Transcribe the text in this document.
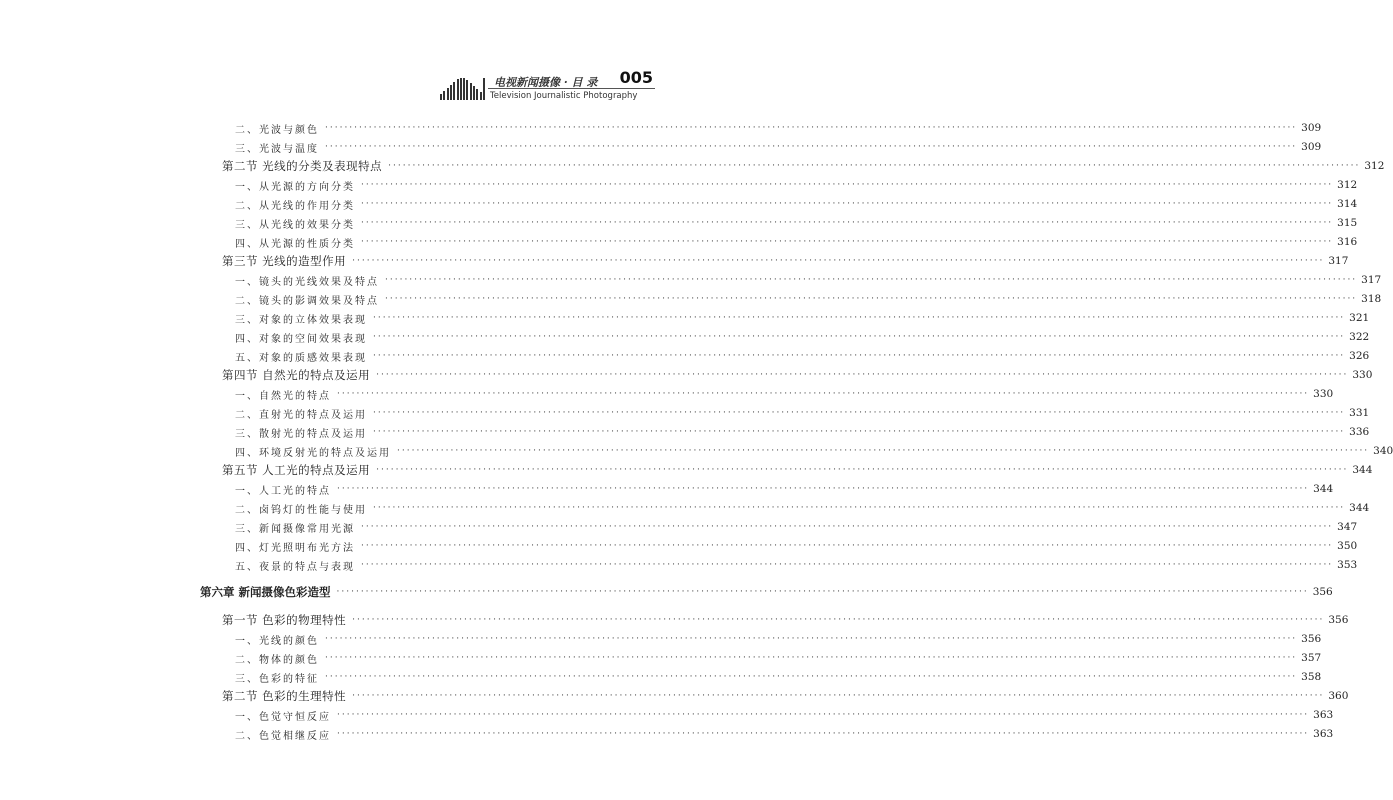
电视新闻摄像 · 目 录
Television Journalistic Photography
005
二、光波与颜色 ········································································································································································································ 309
三、光波与温度 ········································································································································································································ 309
第二节 光线的分类及表现特点 ········································································································································································································ 312
一、从光源的方向分类 ········································································································································································································ 312
二、从光线的作用分类 ········································································································································································································ 314
三、从光线的效果分类 ········································································································································································································ 315
四、从光源的性质分类 ········································································································································································································ 316
第三节 光线的造型作用 ········································································································································································································ 317
一、镜头的光线效果及特点 ········································································································································································································ 317
二、镜头的影调效果及特点 ········································································································································································································ 318
三、对象的立体效果表现 ········································································································································································································ 321
四、对象的空间效果表现 ········································································································································································································ 322
五、对象的质感效果表现 ········································································································································································································ 326
第四节 自然光的特点及运用 ········································································································································································································ 330
一、自然光的特点 ········································································································································································································ 330
二、直射光的特点及运用 ········································································································································································································ 331
三、散射光的特点及运用 ········································································································································································································ 336
四、环境反射光的特点及运用 ········································································································································································································ 340
第五节 人工光的特点及运用 ········································································································································································································ 344
一、人工光的特点 ········································································································································································································ 344
二、卤钨灯的性能与使用 ········································································································································································································ 344
三、新闻摄像常用光源 ········································································································································································································ 347
四、灯光照明布光方法 ········································································································································································································ 350
五、夜景的特点与表现 ········································································································································································································ 353
第六章 新闻摄像色彩造型 ········································································································································································································ 356
第一节 色彩的物理特性 ········································································································································································································ 356
一、光线的颜色 ········································································································································································································ 356
二、物体的颜色 ········································································································································································································ 357
三、色彩的特征 ········································································································································································································ 358
第二节 色彩的生理特性 ········································································································································································································ 360
一、色觉守恒反应 ········································································································································································································ 363
二、色觉相继反应 ········································································································································································································ 363
